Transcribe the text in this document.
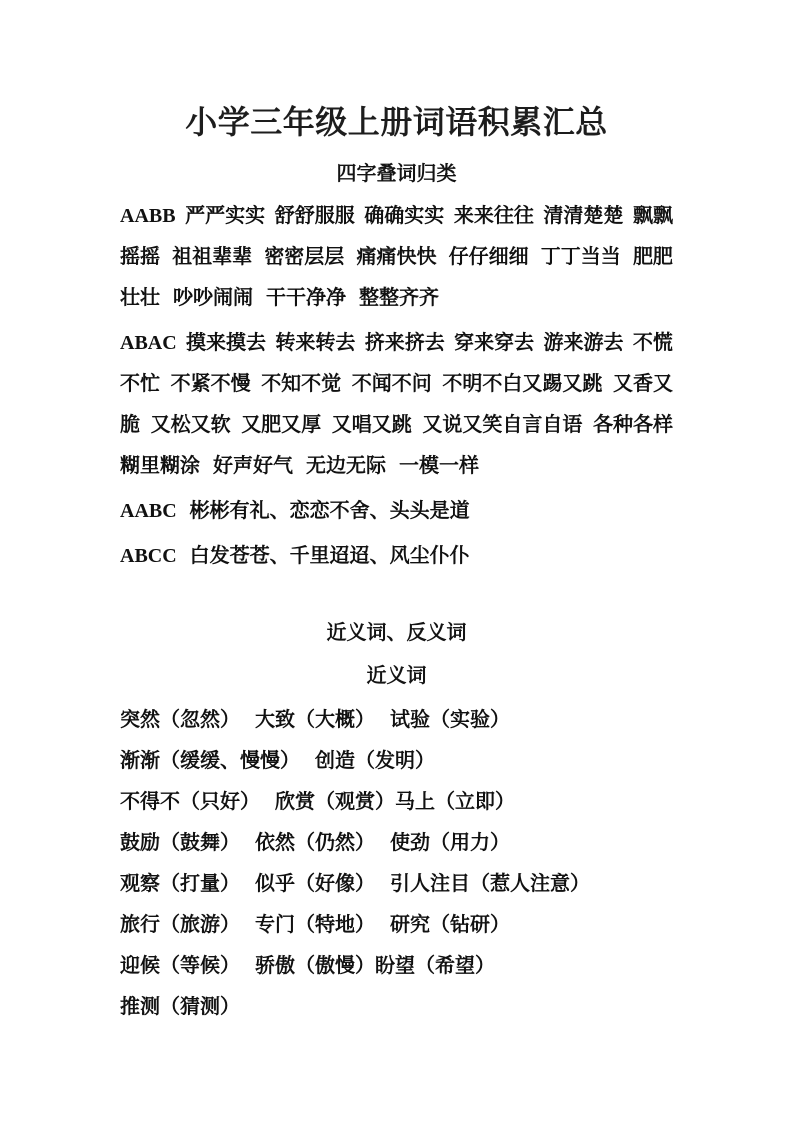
小学三年级上册词语积累汇总
四字叠词归类
AABB 严严实实 舒舒服服 确确实实 来来往往 清清楚楚 飘飘
摇摇 祖祖辈辈 密密层层 痛痛快快 仔仔细细 丁丁当当 肥肥
壮壮 吵吵闹闹 干干净净 整整齐齐
ABAC 摸来摸去 转来转去 挤来挤去 穿来穿去 游来游去 不慌
不忙 不紧不慢 不知不觉 不闻不问 不明不白又踢又跳 又香又
脆 又松又软 又肥又厚 又唱又跳 又说又笑自言自语 各种各样
糊里糊涂 好声好气 无边无际 一模一样
AABC 彬彬有礼、恋恋不舍、头头是道
ABCC 白发苍苍、千里迢迢、风尘仆仆
近义词、反义词
近义词
突然（忽然） 大致（大概） 试验（实验）
渐渐（缓缓、慢慢） 创造（发明）
不得不（只好） 欣赏（观赏）马上（立即）
鼓励（鼓舞） 依然（仍然） 使劲（用力）
观察（打量） 似乎（好像） 引人注目（惹人注意）
旅行（旅游） 专门（特地） 研究（钻研）
迎候（等候） 骄傲（傲慢）盼望（希望）
推测（猜测）
